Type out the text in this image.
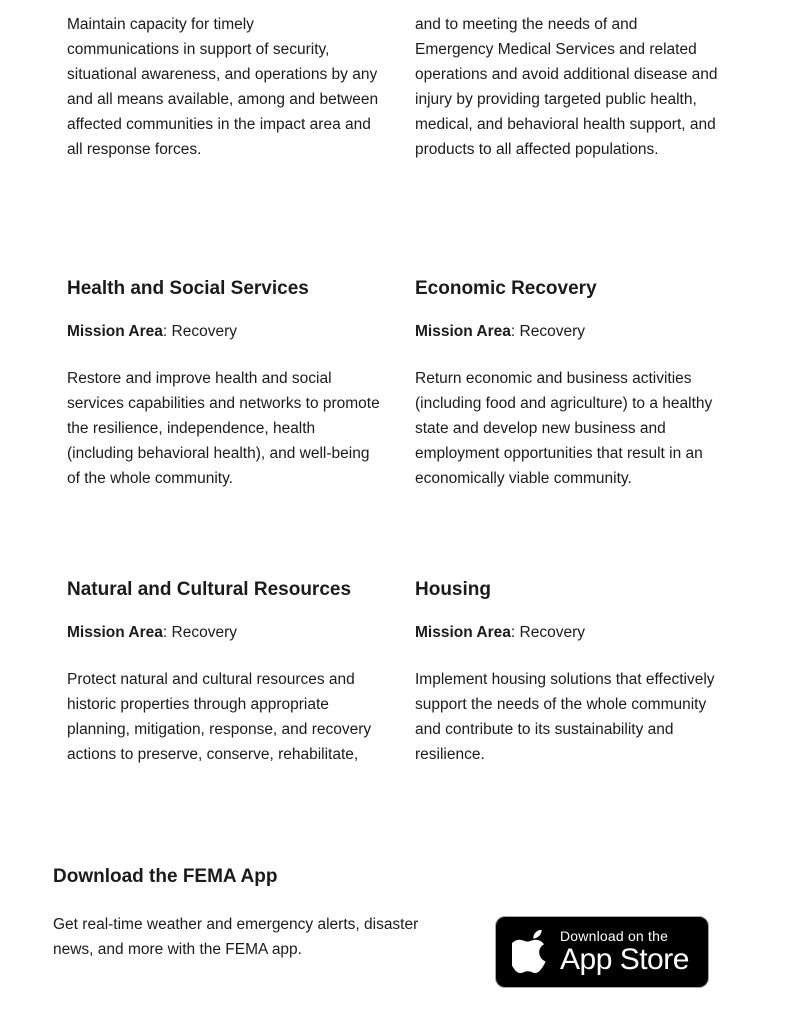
Maintain capacity for timely

communications in support of security, situational awareness, and operations by any and all means available, among and between affected communities in the impact area and all response forces.

and to meeting the needs of and

Emergency Medical Services and related operations and avoid additional disease and injury by providing targeted public health, medical, and behavioral health support, and products to all affected populations.

Health and Social Services

Mission Area: Recovery

Restore and improve health and social services capabilities and networks to promote the resilience, independence, health (including behavioral health), and well-being of the whole community.

Economic Recovery

Mission Area: Recovery

Return economic and business activities (including food and agriculture) to a healthy state and develop new business and employment opportunities that result in an economically viable community.

Natural and Cultural Resources

Mission Area: Recovery

Protect natural and cultural resources and historic properties through appropriate planning, mitigation, response, and recovery actions to preserve, conserve, rehabilitate,

Housing

Mission Area: Recovery

Implement housing solutions that effectively support the needs of the whole community and contribute to its sustainability and resilience.

Download the FEMA App

Get real-time weather and emergency alerts, disaster news, and more with the FEMA app.

Download on the
App Store
